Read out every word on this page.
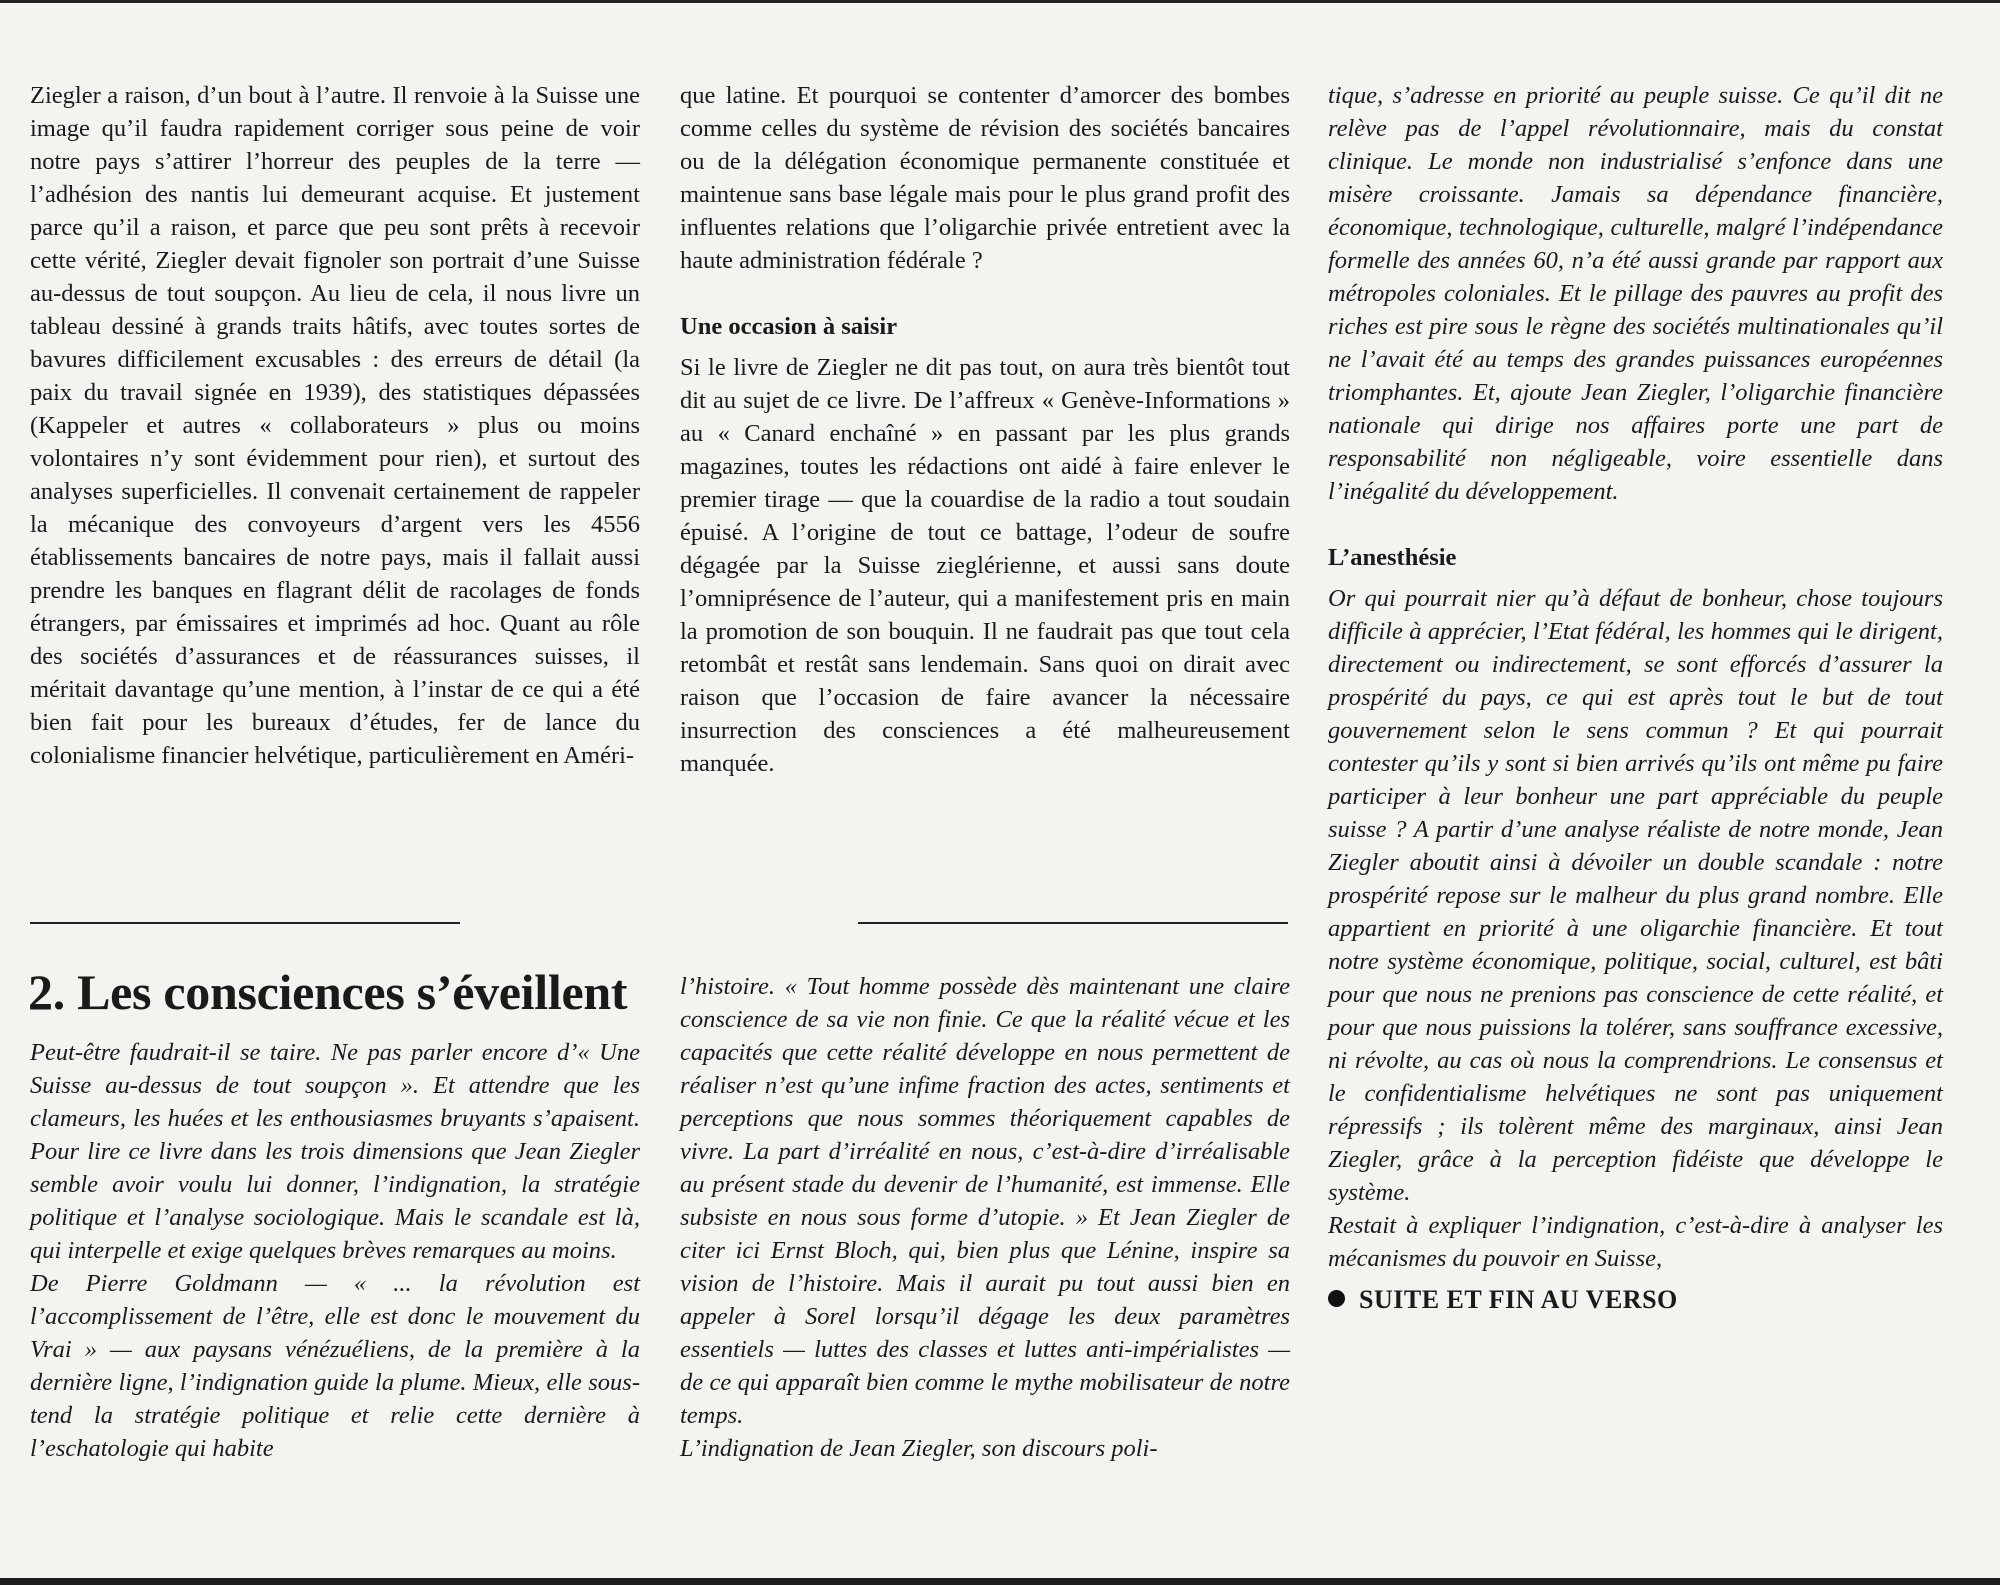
Ziegler a raison, d’un bout à l’autre. Il renvoie à la Suisse une image qu’il faudra rapidement corriger sous peine de voir notre pays s’attirer l’horreur des peuples de la terre — l’adhésion des nantis lui demeurant acquise. Et justement parce qu’il a raison, et parce que peu sont prêts à recevoir cette vérité, Ziegler devait fignoler son portrait d’une Suisse au-dessus de tout soupçon. Au lieu de cela, il nous livre un tableau dessiné à grands traits hâtifs, avec toutes sortes de bavures difficilement excusables : des erreurs de détail (la paix du travail signée en 1939), des statistiques dépassées (Kappeler et autres « collaborateurs » plus ou moins volontaires n’y sont évidemment pour rien), et surtout des analyses superficielles. Il convenait certainement de rappeler la mécanique des convoyeurs d’argent vers les 4556 établissements bancaires de notre pays, mais il fallait aussi prendre les banques en flagrant délit de racolages de fonds étrangers, par émissaires et imprimés ad hoc. Quant au rôle des sociétés d’assurances et de réassurances suisses, il méritait davantage qu’une mention, à l’instar de ce qui a été bien fait pour les bureaux d’études, fer de lance du colonialisme financier helvétique, particulièrement en Améri-

que latine. Et pourquoi se contenter d’amorcer des bombes comme celles du système de révision des sociétés bancaires ou de la délégation économique permanente constituée et maintenue sans base légale mais pour le plus grand profit des influentes relations que l’oligarchie privée entretient avec la haute administration fédérale ?

Une occasion à saisir

Si le livre de Ziegler ne dit pas tout, on aura très bientôt tout dit au sujet de ce livre. De l’affreux « Genève-Informations » au « Canard enchaîné » en passant par les plus grands magazines, toutes les rédactions ont aidé à faire enlever le premier tirage — que la couardise de la radio a tout soudain épuisé. A l’origine de tout ce battage, l’odeur de soufre dégagée par la Suisse zieglérienne, et aussi sans doute l’omniprésence de l’auteur, qui a manifestement pris en main la promotion de son bouquin. Il ne faudrait pas que tout cela retombât et restât sans lendemain. Sans quoi on dirait avec raison que l’occasion de faire avancer la nécessaire insurrection des consciences a été malheureusement manquée.

tique, s’adresse en priorité au peuple suisse. Ce qu’il dit ne relève pas de l’appel révolutionnaire, mais du constat clinique. Le monde non industrialisé s’enfonce dans une misère croissante. Jamais sa dépendance financière, économique, technologique, culturelle, malgré l’indépendance formelle des années 60, n’a été aussi grande par rapport aux métropoles coloniales. Et le pillage des pauvres au profit des riches est pire sous le règne des sociétés multinationales qu’il ne l’avait été au temps des grandes puissances européennes triomphantes. Et, ajoute Jean Ziegler, l’oligarchie financière nationale qui dirige nos affaires porte une part de responsabilité non négligeable, voire essentielle dans l’inégalité du développement.

L’anesthésie

Or qui pourrait nier qu’à défaut de bonheur, chose toujours difficile à apprécier, l’Etat fédéral, les hommes qui le dirigent, directement ou indirectement, se sont efforcés d’assurer la prospérité du pays, ce qui est après tout le but de tout gouvernement selon le sens commun ? Et qui pourrait contester qu’ils y sont si bien arrivés qu’ils ont même pu faire participer à leur bonheur une part appréciable du peuple suisse ? A partir d’une analyse réaliste de notre monde, Jean Ziegler aboutit ainsi à dévoiler un double scandale : notre prospérité repose sur le malheur du plus grand nombre. Elle appartient en priorité à une oligarchie financière. Et tout notre système économique, politique, social, culturel, est bâti pour que nous ne prenions pas conscience de cette réalité, et pour que nous puissions la tolérer, sans souffrance excessive, ni révolte, au cas où nous la comprendrions. Le consensus et le confidentialisme helvétiques ne sont pas uniquement répressifs ; ils tolèrent même des marginaux, ainsi Jean Ziegler, grâce à la perception fidéiste que développe le système.

Restait à expliquer l’indignation, c’est-à-dire à analyser les mécanismes du pouvoir en Suisse,

SUITE ET FIN AU VERSO

2. Les consciences s’éveillent

Peut-être faudrait-il se taire. Ne pas parler encore d’« Une Suisse au-dessus de tout soupçon ». Et attendre que les clameurs, les huées et les enthousiasmes bruyants s’apaisent. Pour lire ce livre dans les trois dimensions que Jean Ziegler semble avoir voulu lui donner, l’indignation, la stratégie politique et l’analyse sociologique. Mais le scandale est là, qui interpelle et exige quelques brèves remarques au moins.

De Pierre Goldmann — « ... la révolution est l’accomplissement de l’être, elle est donc le mouvement du Vrai » — aux paysans vénézuéliens, de la première à la dernière ligne, l’indignation guide la plume. Mieux, elle sous-tend la stratégie politique et relie cette dernière à l’eschatologie qui habite

l’histoire. « Tout homme possède dès maintenant une claire conscience de sa vie non finie. Ce que la réalité vécue et les capacités que cette réalité développe en nous permettent de réaliser n’est qu’une infime fraction des actes, sentiments et perceptions que nous sommes théoriquement capables de vivre. La part d’irréalité en nous, c’est-à-dire d’irréalisable au présent stade du devenir de l’humanité, est immense. Elle subsiste en nous sous forme d’utopie. » Et Jean Ziegler de citer ici Ernst Bloch, qui, bien plus que Lénine, inspire sa vision de l’histoire. Mais il aurait pu tout aussi bien en appeler à Sorel lorsqu’il dégage les deux paramètres essentiels — luttes des classes et luttes anti-impérialistes — de ce qui apparaît bien comme le mythe mobilisateur de notre temps.

L’indignation de Jean Ziegler, son discours poli-
